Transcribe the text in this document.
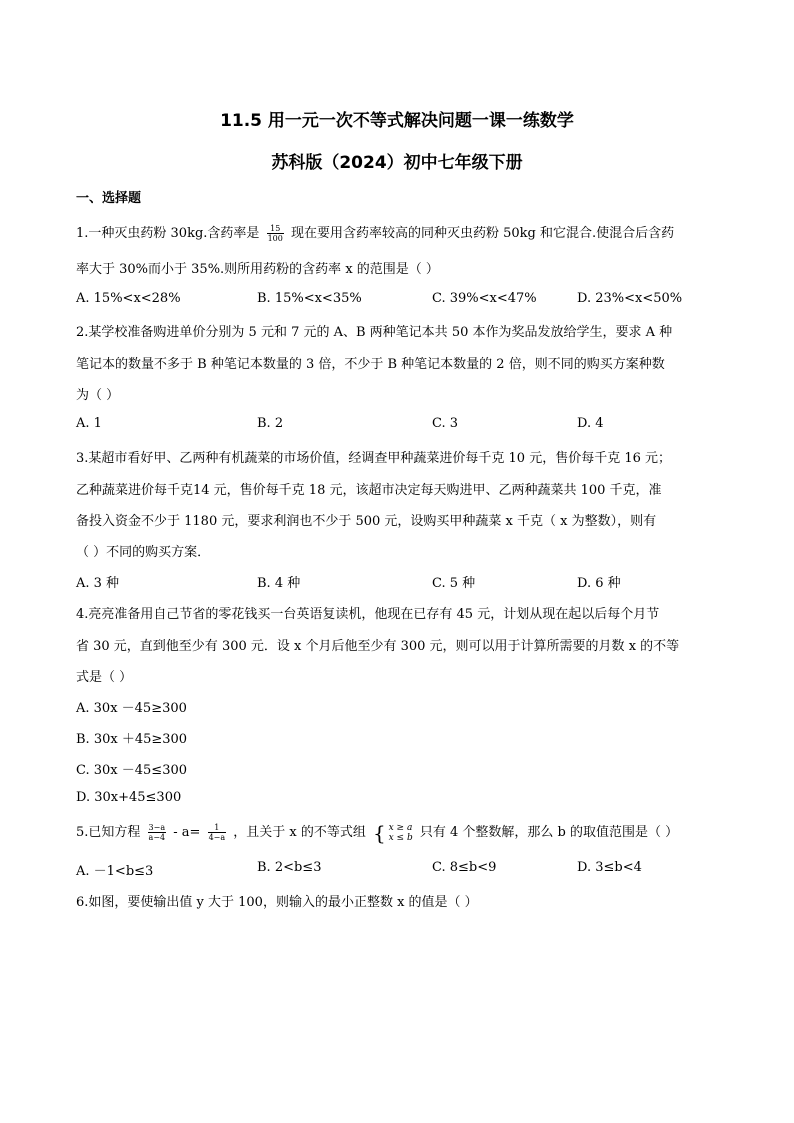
11.5 用一元一次不等式解决问题一课一练数学
苏科版（2024）初中七年级下册
一、选择题
1.一种灭虫药粉 30kg.含药率是 $\frac{15}{100}$ 现在要用含药率较高的同种灭虫药粉 50kg 和它混合.使混合后含药
率大于 30%而小于 35%.则所用药粉的含药率 x 的范围是（ ）
A. 15%<x<28%	B. 15%<x<35%	C. 39%<x<47%	D. 23%<x<50%
2.某学校准备购进单价分别为 5 元和 7 元的 A、B 两种笔记本共 50 本作为奖品发放给学生，要求 A 种
笔记本的数量不多于 B 种笔记本数量的 3 倍，不少于 B 种笔记本数量的 2 倍，则不同的购买方案种数
为（ ）
A. 1	B. 2	C. 3	D. 4
3.某超市看好甲、乙两种有机蔬菜的市场价值，经调查甲种蔬菜进价每千克 10 元，售价每千克 16 元；
乙种蔬菜进价每千克14 元，售价每千克 18 元，该超市决定每天购进甲、乙两种蔬菜共 100 千克，准
备投入资金不少于 1180 元，要求利润也不少于 500 元，设购买甲种蔬菜 x 千克（ x 为整数），则有
（ ）不同的购买方案．
A. 3 种	B. 4 种	C. 5 种	D. 6 种
4.亮亮准备用自己节省的零花钱买一台英语复读机，他现在已存有 45 元，计划从现在起以后每个月节
省 30 元，直到他至少有 300 元．设 x 个月后他至少有 300 元，则可以用于计算所需要的月数 x 的不等
式是（ ）
A. 30x －45≥300
B. 30x ＋45≥300
C. 30x －45≤300
D. 30x+45≤300
5.已知方程 $\frac{3-a}{a-4} - a= \frac{1}{4-a}$ ，且关于 x 的不等式组 { x ≥ a
x ≤ b 只有 4 个整数解，那么 b 的取值范围是（ ）
A. －1<b≤3	B. 2<b≤3	C. 8≤b<9	D. 3≤b<4
6.如图，要使输出值 y 大于 100，则输入的最小正整数 x 的值是（ ）
